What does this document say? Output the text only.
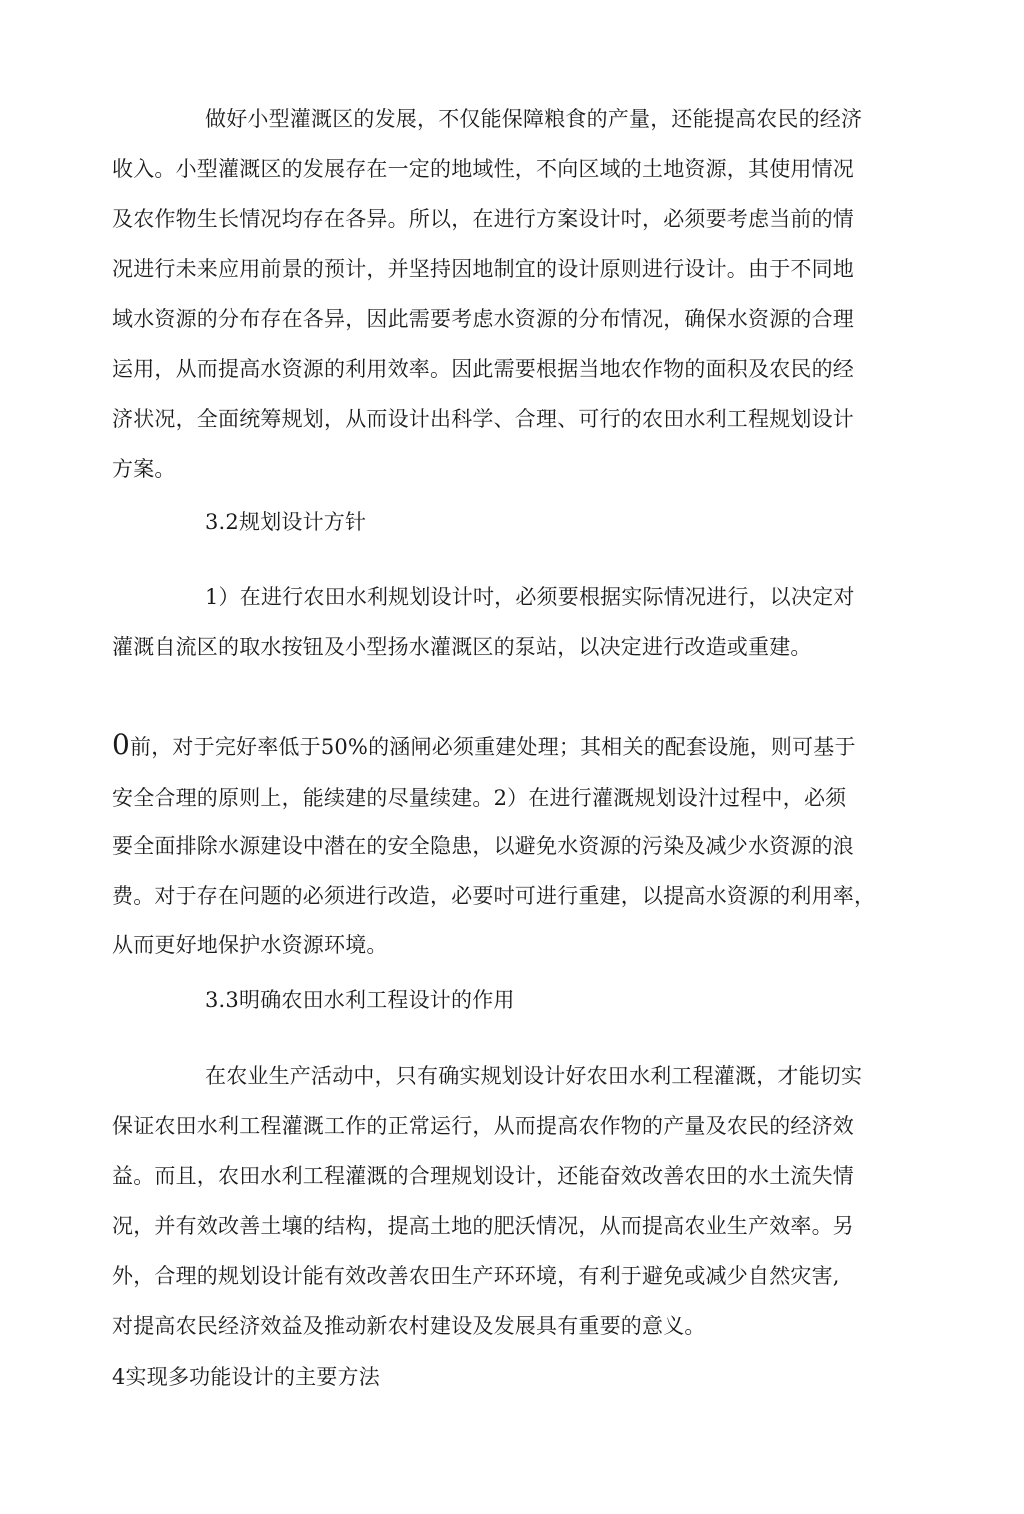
做好小型灌溉区的发展，不仅能保障粮食的产量，还能提高农民的经济

收入。小型灌溉区的发展存在一定的地域性，不向区域的土地资源，其使用情况

及农作物生长情况均存在各异。所以，在进行方案设计吋，必须要考虑当前的情

况进行未来应用前景的预计，并坚持因地制宜的设计原则进行设计。由于不同地

域水资源的分布存在各异，因此需要考虑水资源的分布情况，确保水资源的合理

运用，从而提高水资源的利用效率。因此需要根据当地农作物的面积及农民的经

济状况，全面统筹规划，从而设计出科学、合理、可行的农田水利工程规划设计

方案。

3.2规划设计方针

1）在进行农田水利规划设计吋，必须要根据实际情况进行，以决定对

灌溉自流区的取水按钮及小型扬水灌溉区的泵站，以决定进行改造或重建。

0前，对于完好率低于50%的涵闸必须重建处理；其相关的配套设施，则可基于

安全合理的原则上，能续建的尽量续建。2）在进行灌溉规划设汁过程中，必须

要全面排除水源建设中潜在的安全隐患，以避免水资源的污染及减少水资源的浪

费。对于存在问题的必须进行改造，必要吋可进行重建，以提高水资源的利用率，

从而更好地保护水资源环境。

3.3明确农田水利工程设计的作用

在农业生产活动中，只有确实规划设计好农田水利工程灌溉，才能切实

保证农田水利工程灌溉工作的正常运行，从而提高农作物的产量及农民的经济效

益。而且，农田水利工程灌溉的合理规划设计，还能奋效改善农田的水土流失情

况，并有效改善土壤的结构，提高土地的肥沃情况，从而提高农业生产效率。另

外，合理的规划设计能有效改善农田生产环环境，有利于避免或减少自然灾害,

对提高农民经济效益及推动新农村建设及发展具有重要的意义。

4实现多功能设计的主要方法
